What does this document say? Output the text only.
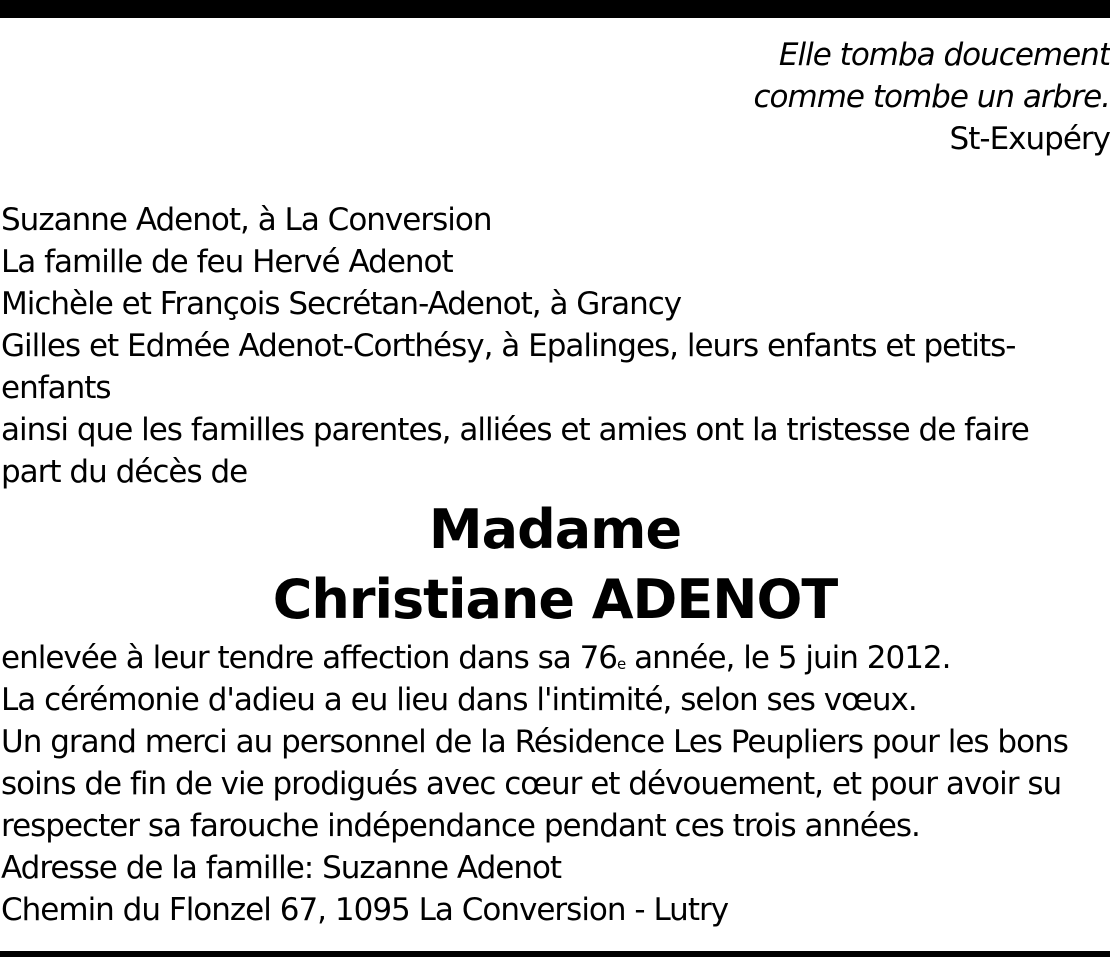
Elle tomba doucement
comme tombe un arbre.
St-Exupéry
Suzanne Adenot, à La Conversion
La famille de feu Hervé Adenot
Michèle et François Secrétan-Adenot, à Grancy
Gilles et Edmée Adenot-Corthésy, à Epalinges, leurs enfants et petits-
enfants
ainsi que les familles parentes, alliées et amies ont la tristesse de faire
part du décès de
Madame
Christiane ADENOT
enlevée à leur tendre affection dans sa 76e année, le 5 juin 2012.
La cérémonie d'adieu a eu lieu dans l'intimité, selon ses vœux.
Un grand merci au personnel de la Résidence Les Peupliers pour les bons
soins de fin de vie prodigués avec cœur et dévouement, et pour avoir su
respecter sa farouche indépendance pendant ces trois années.
Adresse de la famille: Suzanne Adenot
Chemin du Flonzel 67, 1095 La Conversion - Lutry
